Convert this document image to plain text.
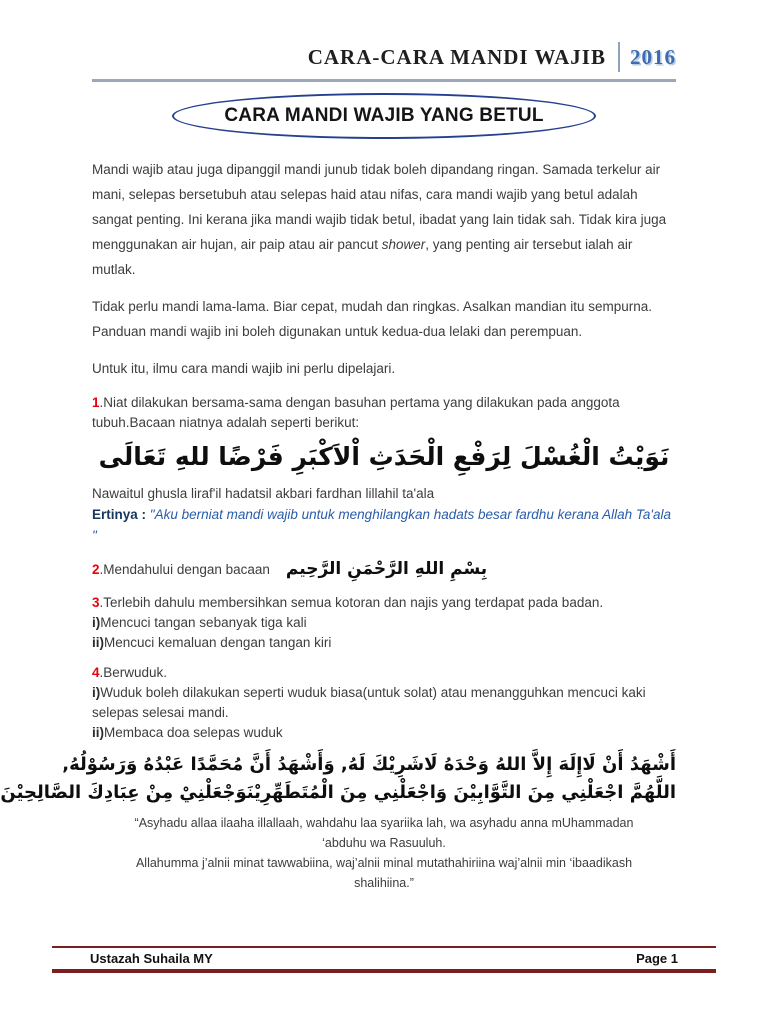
CARA-CARA MANDI WAJIB 2016
CARA MANDI WAJIB YANG BETUL

Mandi wajib atau juga dipanggil mandi junub tidak boleh dipandang ringan. Samada terkelur air mani, selepas bersetubuh atau selepas haid atau nifas, cara mandi wajib yang betul adalah sangat penting. Ini kerana jika mandi wajib tidak betul, ibadat yang lain tidak sah. Tidak kira juga menggunakan air hujan, air paip atau air pancut shower, yang penting air tersebut ialah air mutlak.

Tidak perlu mandi lama-lama. Biar cepat, mudah dan ringkas. Asalkan mandian itu sempurna. Panduan mandi wajib ini boleh digunakan untuk kedua-dua lelaki dan perempuan.

Untuk itu, ilmu cara mandi wajib ini perlu dipelajari.

1.Niat dilakukan bersama-sama dengan basuhan pertama yang dilakukan pada anggota tubuh.Bacaan niatnya adalah seperti berikut:

نَوَيْتُ الْغُسْلَ لِرَفْعِ الْحَدَثِ اْلاَكْبَرِ فَرْضًا للهِ تَعَالَى

Nawaitul ghusla liraf'il hadatsil akbari fardhan lillahil ta'ala

Ertinya : "Aku berniat mandi wajib untuk menghilangkan hadats besar fardhu kerana Allah Ta'ala "

2.Mendahului dengan bacaan بِسْمِ اللهِ الرَّحْمَنِ الرَّحِيم

3.Terlebih dahulu membersihkan semua kotoran dan najis yang terdapat pada badan.

i)Mencuci tangan sebanyak tiga kali

ii)Mencuci kemaluan dengan tangan kiri

4.Berwuduk.

i)Wuduk boleh dilakukan seperti wuduk biasa(untuk solat) atau menangguhkan mencuci kaki selepas selesai mandi.

ii)Membaca doa selepas wuduk

أَشْهَدُ أَنْ لَاإِلَهَ إِلاَّ اللهُ وَحْدَهُ لَاشَرِيْكَ لَهُ, وَأَشْهَدُ أَنَّ مُحَمَّدًا عَبْدُهُ وَرَسُوْلُهُ,
اللَّهُمَّ اجْعَلْنِي مِنَ التَّوَّابِيْنَ وَاجْعَلْنِي مِنَ الْمُتَطَهِّرِيْنَوَجْعَلْنِيْ مِنْ عِبَادِكَ الصَّالِحِيْنَ
“Asyhadu allaa ilaaha illallaah, wahdahu laa syariika lah, wa asyhadu anna mUhammadan
‘abduhu wa Rasuuluh.
Allahumma j’alnii minat tawwabiina, waj’alnii minal mutathahiriina waj’alnii min ‘ibaadikash
shalihiina.”
Ustazah Suhaila MY	Page 1
